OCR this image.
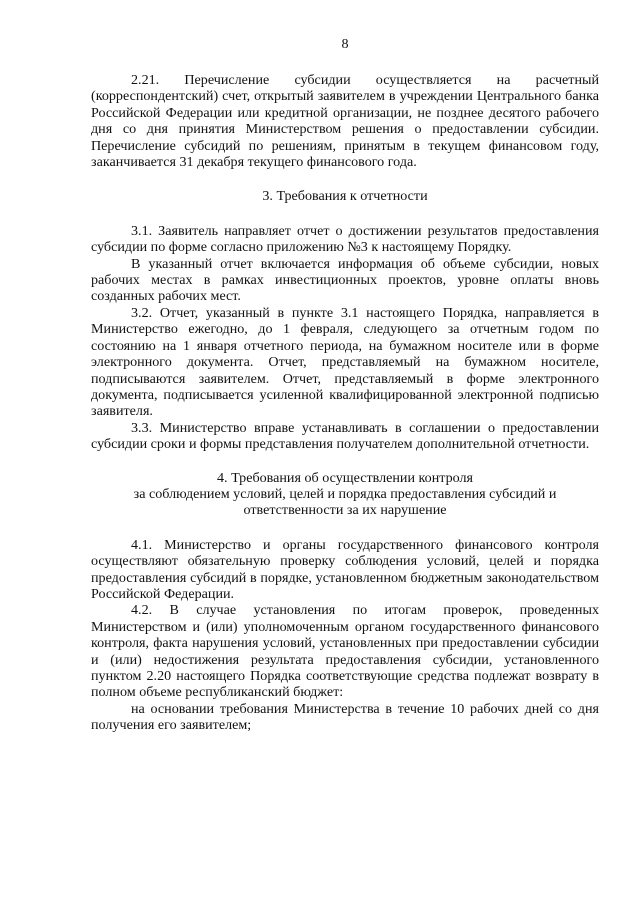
8

2.21. Перечисление субсидии осуществляется на расчетный (корреспондентский) счет, открытый заявителем в учреждении Центрального банка Российской Федерации или кредитной организации, не позднее десятого рабочего дня со дня принятия Министерством решения о предоставлении субсидии. Перечисление субсидий по решениям, принятым в текущем финансовом году, заканчивается 31 декабря текущего финансового года.

3. Требования к отчетности

3.1. Заявитель направляет отчет о достижении результатов предоставления субсидии по форме согласно приложению №3 к настоящему Порядку.

В указанный отчет включается информация об объеме субсидии, новых рабочих местах в рамках инвестиционных проектов, уровне оплаты вновь созданных рабочих мест.

3.2. Отчет, указанный в пункте 3.1 настоящего Порядка, направляется в Министерство ежегодно, до 1 февраля, следующего за отчетным годом по состоянию на 1 января отчетного периода, на бумажном носителе или в форме электронного документа. Отчет, представляемый на бумажном носителе, подписываются заявителем. Отчет, представляемый в форме электронного документа, подписывается усиленной квалифицированной электронной подписью заявителя.

3.3. Министерство вправе устанавливать в соглашении о предоставлении субсидии сроки и формы представления получателем дополнительной отчетности.

4. Требования об осуществлении контроля
за соблюдением условий, целей и порядка предоставления субсидий и
ответственности за их нарушение

4.1. Министерство и органы государственного финансового контроля осуществляют обязательную проверку соблюдения условий, целей и порядка предоставления субсидий в порядке, установленном бюджетным законодательством Российской Федерации.

4.2. В случае установления по итогам проверок, проведенных Министерством и (или) уполномоченным органом государственного финансового контроля, факта нарушения условий, установленных при предоставлении субсидии и (или) недостижения результата предоставления субсидии, установленного пунктом 2.20 настоящего Порядка соответствующие средства подлежат возврату в полном объеме республиканский бюджет:

на основании требования Министерства в течение 10 рабочих дней со дня получения его заявителем;
